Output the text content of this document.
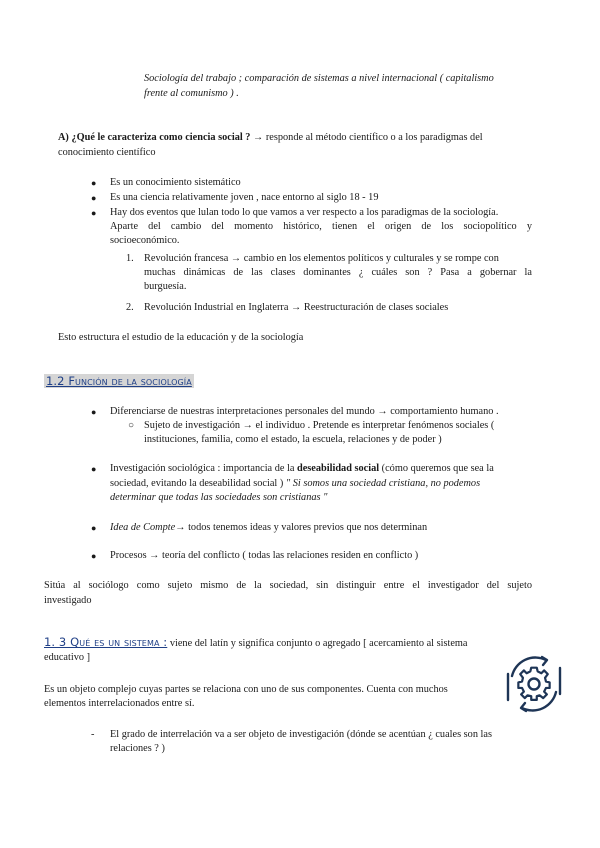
Sociología del trabajo ; comparación de sistemas a nivel internacional ( capitalismo
frente al comunismo ) .
A) ¿Qué le caracteriza como ciencia social ? → responde al método científico o a los paradigmas del
conocimiento científico
● Es un conocimiento sistemático
● Es una ciencia relativamente joven , nace entorno al siglo 18 - 19
● Hay dos eventos que lulan todo lo que vamos a ver respecto a los paradigmas de la sociología.
Aparte del cambio del momento histórico, tienen el origen de los sociopolítico y
socioeconómico.
1. Revolución francesa → cambio en los elementos políticos y culturales y se rompe con
muchas dinámicas de las clases dominantes ¿ cuáles son ? Pasa a gobernar la
burguesía.
2. Revolución Industrial en Inglaterra → Reestructuración de clases sociales
Esto estructura el estudio de la educación y de la sociología
1.2 Función de la sociología
● Diferenciarse de nuestras interpretaciones personales del mundo → comportamiento humano .
○ Sujeto de investigación → el individuo . Pretende es interpretar fenómenos sociales (
instituciones, familia, como el estado, la escuela, relaciones y de poder )
● Investigación sociológica : importancia de la deseabilidad social (cómo queremos que sea la
sociedad, evitando la deseabilidad social ) " Si somos una sociedad cristiana, no podemos
determinar que todas las sociedades son cristianas "
● Idea de Compte→ todos tenemos ideas y valores previos que nos determinan
● Procesos → teoría del conflicto ( todas las relaciones residen en conflicto )
Sitúa al sociólogo como sujeto mismo de la sociedad, sin distinguir entre el investigador del sujeto
investigado
1. 3 Qué es un sistema : viene del latín y significa conjunto o agregado [ acercamiento al sistema
educativo ]
Es un objeto complejo cuyas partes se relaciona con uno de sus componentes. Cuenta con muchos
elementos interrelacionados entre sí.
- El grado de interrelación va a ser objeto de investigación (dónde se acentúan ¿ cuales son las
relaciones ? )
